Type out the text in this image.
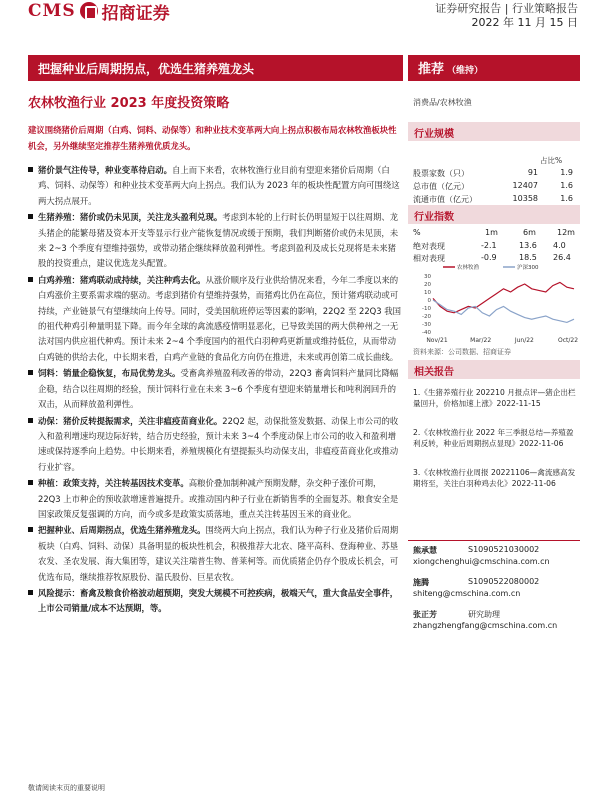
CMS 招商证券	证券研究报告 | 行业策略报告
2022 年 11 月 15 日
把握种业后周期拐点，优选生猪养殖龙头	推荐 （维持）
农林牧渔行业 2023 年度投资策略	消费品/农林牧渔
建议围绕猪价后周期（白鸡、饲料、动保等）和种业技术变革两大向上拐点积极布局农林牧渔板块性机会，另外继续坚定推荐生猪养殖优质龙头。
猪价景气注传导，种业变革待启动。自上而下来看，农林牧渔行业目前有望迎来猪价后周期（白鸡、饲料、动保等）和种业技术变革两大向上拐点。我们认为 2023 年的板块性配置方向可围绕这两大拐点展开。
生猪养殖：猪价或仍未见顶，关注龙头盈利兑现。考虑到本轮的上行时长仍明显短于以往周期、龙头猪企的能繁母猪及资本开支等显示行业产能恢复情况或缓于预期，我们判断猪价或仍未见顶，未来 2~3 个季度有望维持强势，或带动猪企继续释放盈利弹性。考虑到盈利及成长兑现将是未来猪股的投资重点，建议优选龙头配置。
白鸡养殖：猪鸡联动成持续，关注种鸡去化。从涨价顺序及行业供给情况来看，今年二季度以来的白鸡涨价主要系需求端的驱动。考虑到猪价有望维持强势，而猪鸡比仍在高位，预计猪鸡联动或可持续，产业链景气有望继续向上传导。同时，受美国航班停运等因素的影响，22Q2 至 22Q3 我国的祖代种鸡引种量明显下降。而今年全球的禽流感疫情明显恶化，已导致美国的两大供种州之一无法对国内供应祖代种鸡。预计未来 2~4 个季度国内的祖代白羽种鸡更新量或维持低位，从而带动白鸡链的供给去化，中长期来看，白鸡产业链的食品化方向仍在推进，未来或再创第二成长曲线。
饲料：销量企稳恢复，布局优势龙头。受畜禽养殖盈利改善的带动，22Q3 畜禽饲料产量同比降幅企稳，结合以往周期的经验，预计饲料行业在未来 3~6 个季度有望迎来销量增长和吨利润回升的双击，从而释放盈利弹性。
动保：猪价反转提振需求，关注非瘟疫苗商业化。22Q2 起，动保批签发数据、动保上市公司的收入和盈利增速均现边际好转，结合历史经验，预计未来 3~4 个季度动保上市公司的收入和盈利增速或保持逐季向上趋势。中长期来看，养殖规模化有望提振头均动保支出，非瘟疫苗商业化或推动行业扩容。
种植：政策支持，关注转基因技术变革。高粮价叠加制种减产预期发酵，杂交种子涨价可期，22Q3 上市种企的预收款增速普遍提升。或推动国内种子行业在新销售季的全面复苏。粮食安全是国家政策反复强调的方向，而今或多是政策实质落地，重点关注转基因玉米的商业化。
把握种业、后周期拐点，优选生猪养殖龙头。围绕两大向上拐点，我们认为种子行业及猪价后周期板块（白鸡、饲料、动保）具备明显的板块性机会，积极推荐大北农、隆平高科、登海种业、苏垦农发、圣农发展、海大集团等，建议关注瑞普生物、普莱柯等。而优质猪企仍存个股成长机会，可优选布局，继续推荐牧原股份、温氏股份、巨星农牧。
风险提示：畜禽及粮食价格波动超预期，突发大规模不可控疾病，极端天气，重大食品安全事件，上市公司销量/成本不达预期，等。
行业规模
占比%
股票家数（只）	91	1.9
总市值（亿元）	12407	1.6
流通市值（亿元）	10358	1.6
行业指数
%	1m	6m	12m
绝对表现	-2.1	13.6 4.0
相对表现	-0.9	18.5 26.4
30
20
10
0
-10
-20
-30
-40
Nov/21	Mar/22	Jun/22	Oct/22
农林牧渔	沪深300
资料来源：公司数据、招商证券
相关报告
1.《生猪养殖行业 202210 月报点评—猪企出栏量回升，价格加速上涨》2022-11-15
2.《农林牧渔行业 2022 年三季报总结—养殖盈利反转，种业后周期拐点显现》2022-11-06
3.《农林牧渔行业周报 20221106—禽流感高发期将至，关注白羽种鸡去化》2022-11-06
熊承慧	S1090521030002
xiongchenghui@cmschina.com.cn
施腾	S1090522080002
shiteng@cmschina.com.cn
张正芳	研究助理
zhangzhengfang@cmschina.com.cn
敬请阅读末页的重要说明
